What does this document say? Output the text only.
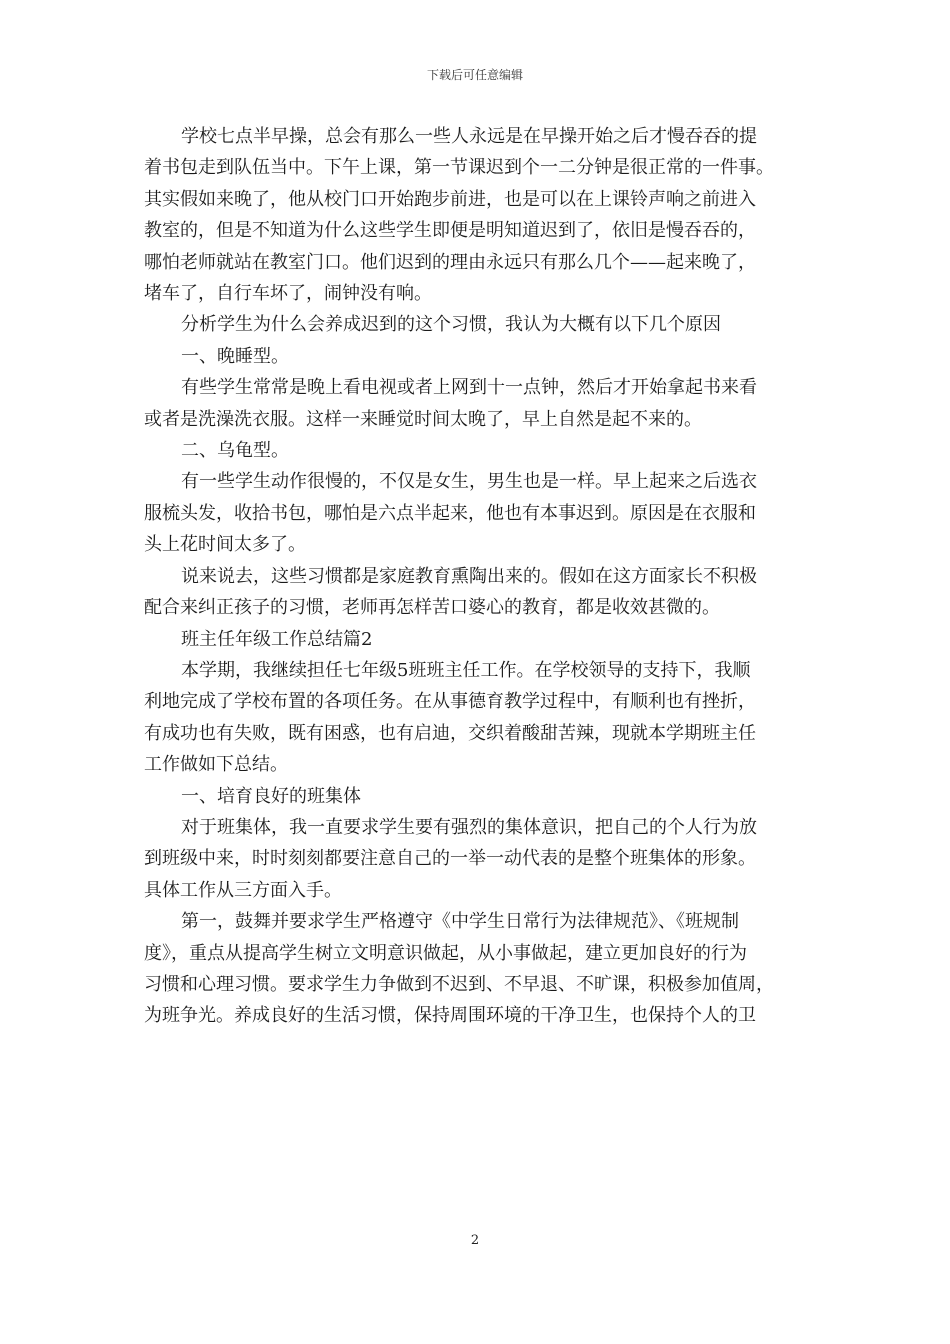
下载后可任意编辑
学校七点半早操，总会有那么一些人永远是在早操开始之后才慢吞吞的提
着书包走到队伍当中。下午上课，第一节课迟到个一二分钟是很正常的一件事。
其实假如来晚了，他从校门口开始跑步前进，也是可以在上课铃声响之前进入
教室的，但是不知道为什么这些学生即便是明知道迟到了，依旧是慢吞吞的，
哪怕老师就站在教室门口。他们迟到的理由永远只有那么几个——起来晚了，
堵车了，自行车坏了，闹钟没有响。
分析学生为什么会养成迟到的这个习惯，我认为大概有以下几个原因
一、晚睡型。
有些学生常常是晚上看电视或者上网到十一点钟，然后才开始拿起书来看
或者是洗澡洗衣服。这样一来睡觉时间太晚了，早上自然是起不来的。
二、乌龟型。
有一些学生动作很慢的，不仅是女生，男生也是一样。早上起来之后选衣
服梳头发，收拾书包，哪怕是六点半起来，他也有本事迟到。原因是在衣服和
头上花时间太多了。
说来说去，这些习惯都是家庭教育熏陶出来的。假如在这方面家长不积极
配合来纠正孩子的习惯，老师再怎样苦口婆心的教育，都是收效甚微的。
班主任年级工作总结篇2
本学期，我继续担任七年级5班班主任工作。在学校领导的支持下，我顺
利地完成了学校布置的各项任务。在从事德育教学过程中，有顺利也有挫折，
有成功也有失败，既有困惑，也有启迪，交织着酸甜苦辣，现就本学期班主任
工作做如下总结。
一、培育良好的班集体
对于班集体，我一直要求学生要有强烈的集体意识，把自己的个人行为放
到班级中来，时时刻刻都要注意自己的一举一动代表的是整个班集体的形象。
具体工作从三方面入手。
第一，鼓舞并要求学生严格遵守《中学生日常行为法律规范》、《班规制
度》，重点从提高学生树立文明意识做起，从小事做起，建立更加良好的行为
习惯和心理习惯。要求学生力争做到不迟到、不早退、不旷课，积极参加值周，
为班争光。养成良好的生活习惯，保持周围环境的干净卫生，也保持个人的卫
2
